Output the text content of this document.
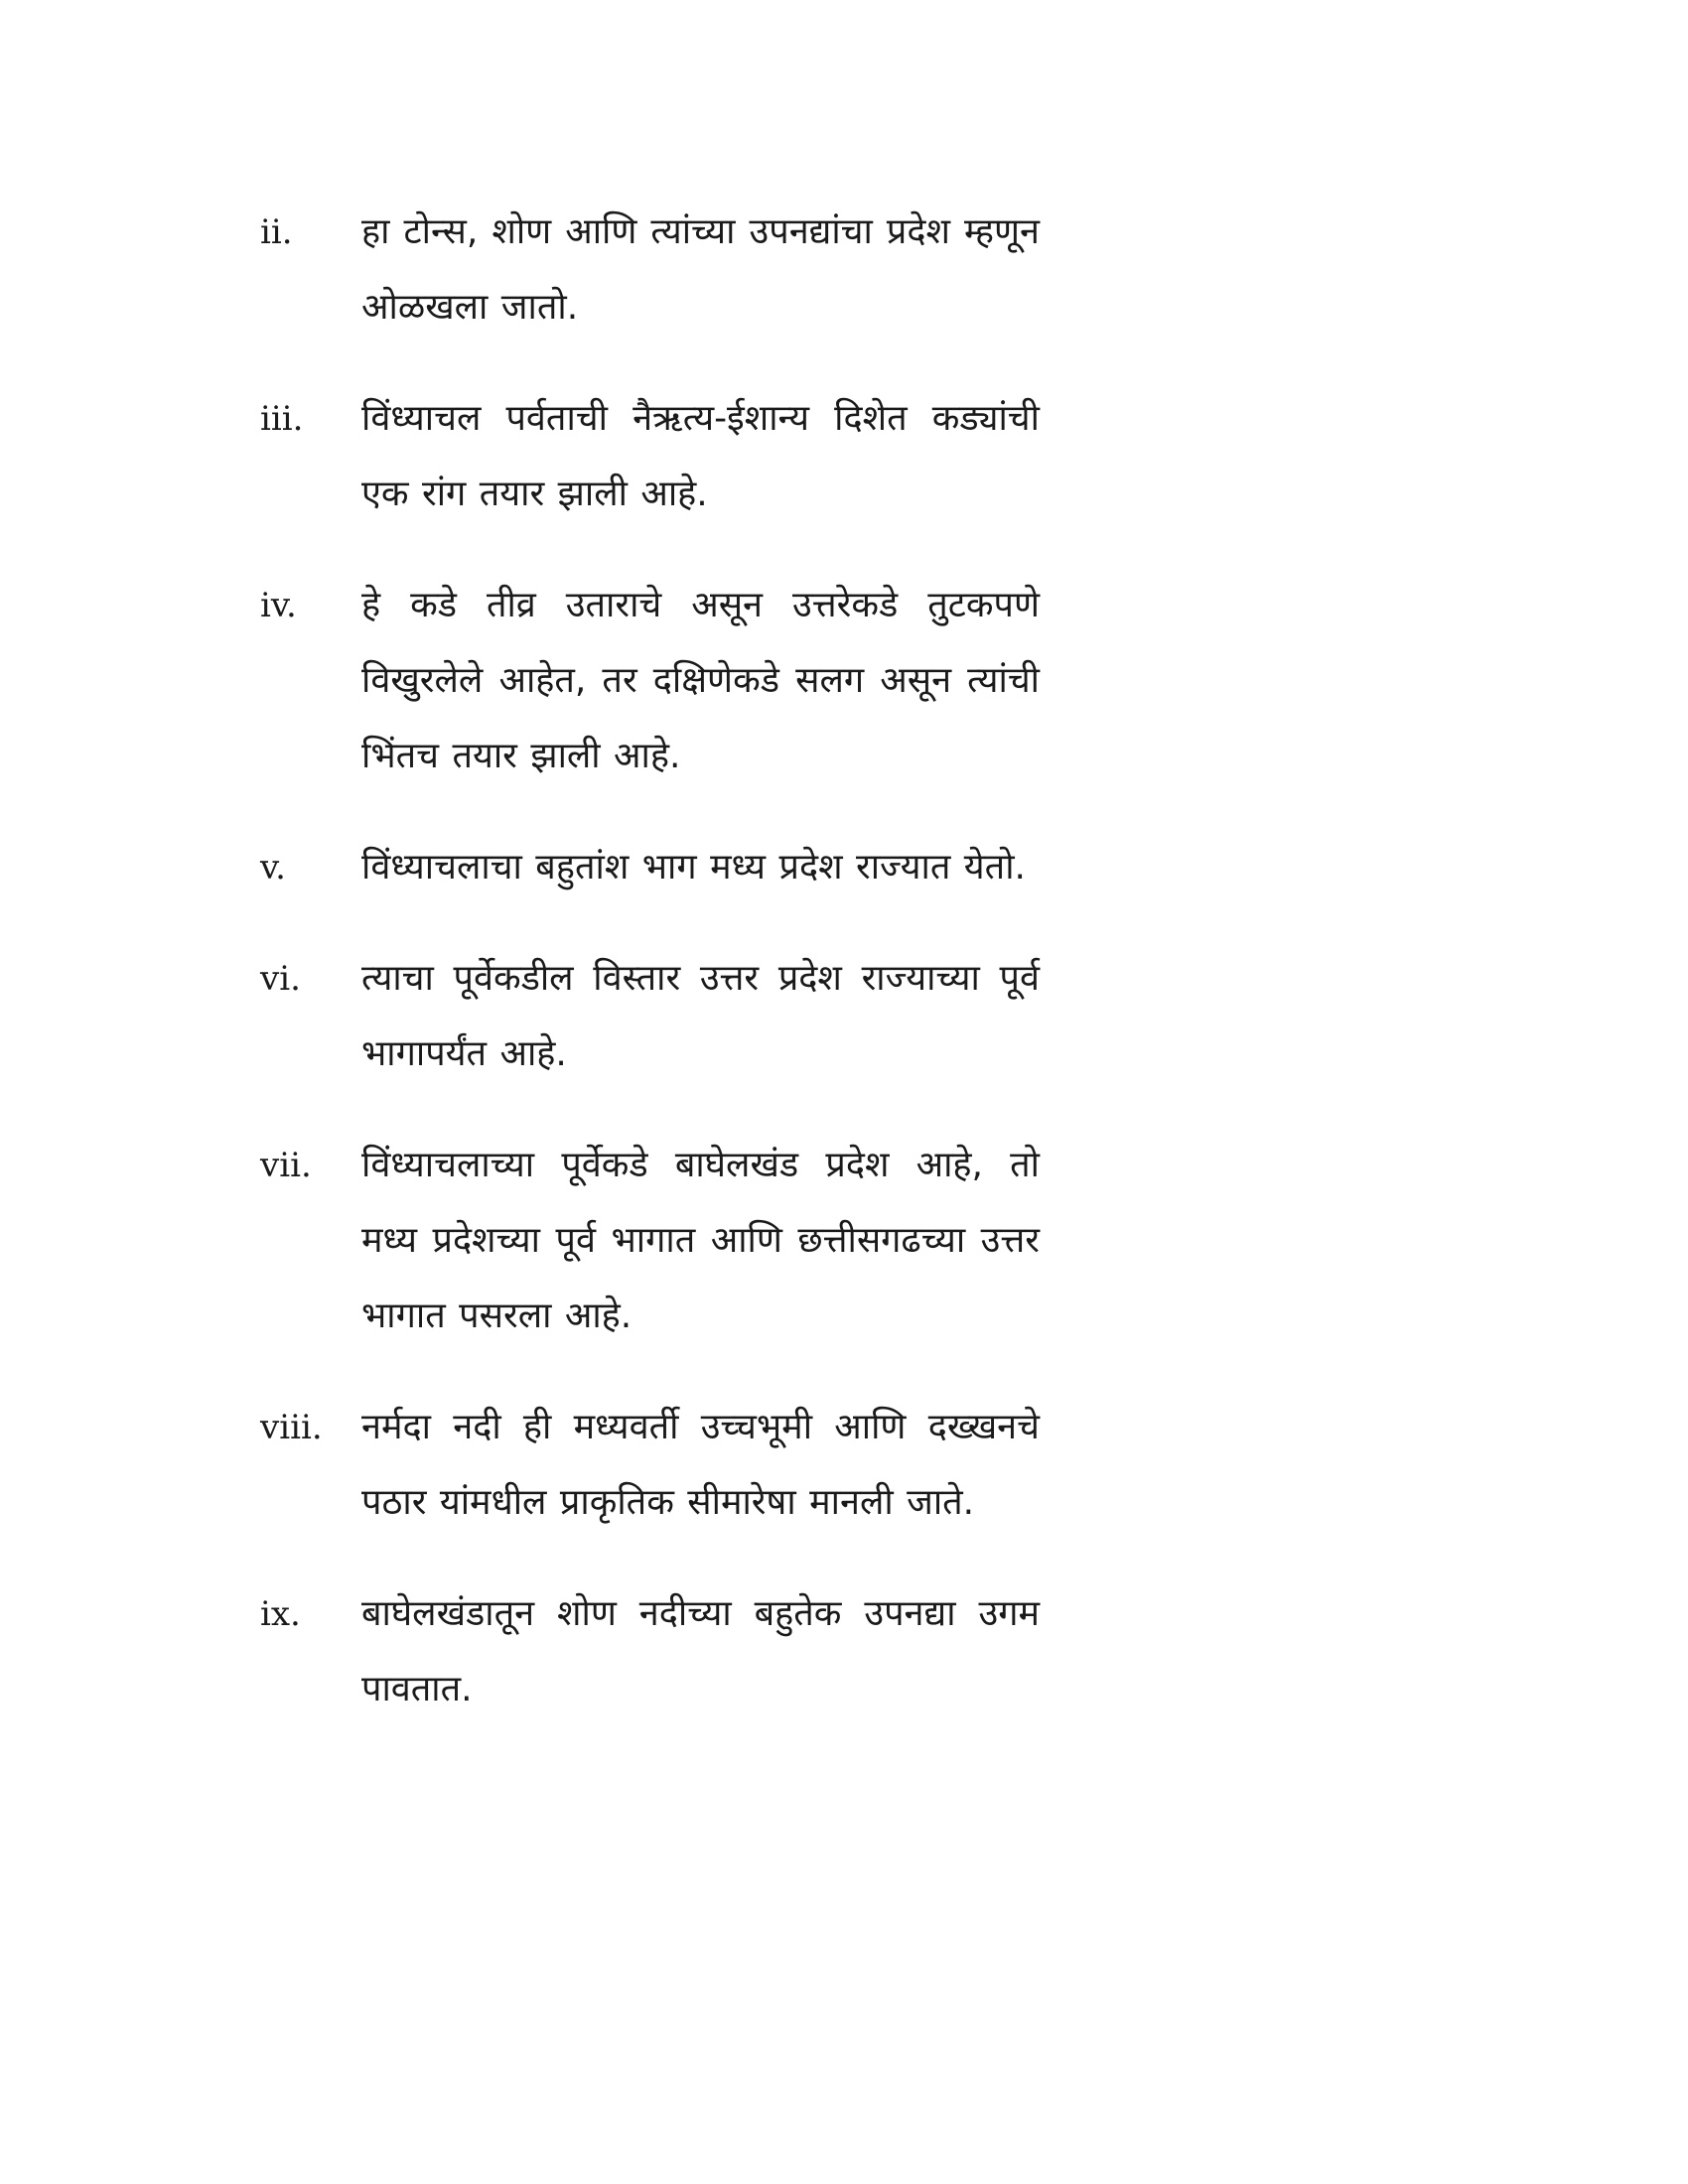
ii.	हा टोन्स, शोण आणि त्यांच्या उपनद्यांचा प्रदेश म्हणून ओळखला जातो.
iii.	विंध्याचल पर्वताची नैऋत्य-ईशान्य दिशेत कड्यांची एक रांग तयार झाली आहे.
iv.	हे कडे तीव्र उताराचे असून उत्तरेकडे तुटकपणे विखुरलेले आहेत, तर दक्षिणेकडे सलग असून त्यांची भिंतच तयार झाली आहे.
v.	विंध्याचलाचा बहुतांश भाग मध्य प्रदेश राज्यात येतो.
vi.	त्याचा पूर्वेकडील विस्तार उत्तर प्रदेश राज्याच्या पूर्व भागापर्यंत आहे.
vii.	विंध्याचलाच्या पूर्वेकडे बाघेलखंड प्रदेश आहे, तो मध्य प्रदेशच्या पूर्व भागात आणि छत्तीसगढच्या उत्तर भागात पसरला आहे.
viii.	नर्मदा नदी ही मध्यवर्ती उच्चभूमी आणि दख्खनचे पठार यांमधील प्राकृतिक सीमारेषा मानली जाते.
ix.	बाघेलखंडातून शोण नदीच्या बहुतेक उपनद्या उगम पावतात.
